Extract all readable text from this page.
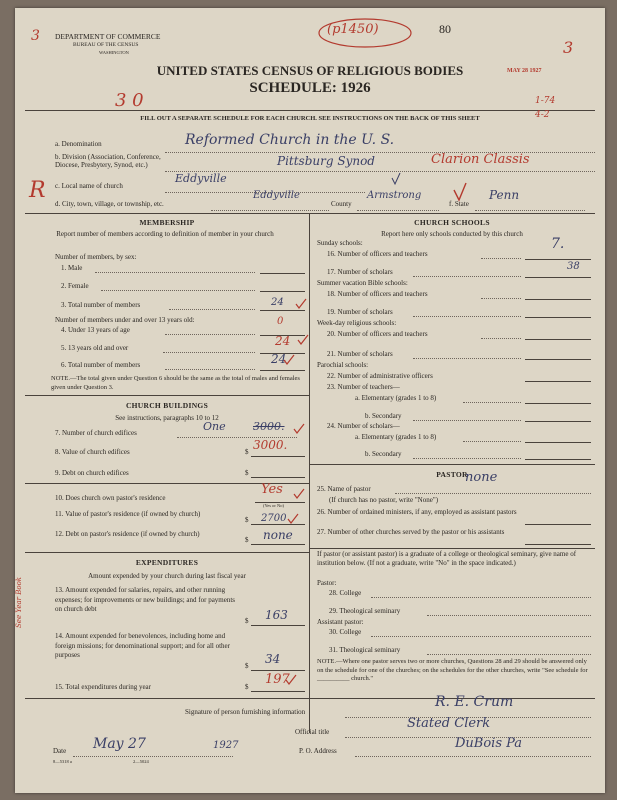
DEPARTMENT OF COMMERCE
BUREAU OF THE CENSUS
WASHINGTON
UNITED STATES CENSUS OF RELIGIOUS BODIES
SCHEDULE: 1926
80
MAY 28 1927
FILL OUT A SEPARATE SCHEDULE FOR EACH CHURCH. SEE INSTRUCTIONS ON THE BACK OF THIS SHEET
3
3
(p1450)
3 0	1-74
4-2
R
See Year Book
a. Denomination	Reformed Church in the U. S.
b. Division (Association, Conference, Diocese, Presbytery, Synod, etc.)	Pittsburg Synod	Clarion Classis
c. Local name of church
Eddyville
d. City, town, village, or township, etc.
Eddyville
County
Armstrong
f. State
Penn
MEMBERSHIP
Report number of members according to definition of member in your church
Number of members, by sex:
1. Male
2. Female
3. Total number of members	24
Number of members under and over 13 years old:
4. Under 13 years of age
0
5. 13 years old and over	24
6. Total number of members	24
NOTE.—The total given under Question 6 should be the same as the total of males and females given under Question 3.
CHURCH BUILDINGS
See instructions, paragraphs 10 to 12
7. Number of church edifices	One 3000.
8. Value of church edifices	$ 3000.
9. Debt on church edifices	$
10. Does church own pastor's residence
Yes
(Yes or No)
11. Value of pastor's residence (if owned by church)
$ 2700
12. Debt on pastor's residence (if owned by church)
$ none
EXPENDITURES
Amount expended by your church during last fiscal year
13. Amount expended for salaries, repairs, and other running expenses; for improvements or new buildings; and for payments on church debt
$ 163
14. Amount expended for benevolences, including home and foreign missions; for denominational support; and for all other purposes
$ 34
15. Total expenditures during year	$ 197
CHURCH SCHOOLS
Report here only schools conducted by this church
Sunday schools:
16. Number of officers and teachers
7.
17. Number of scholars	38
Summer vacation Bible schools:
18. Number of officers and teachers
19. Number of scholars
Week-day religious schools:
20. Number of officers and teachers
21. Number of scholars
Parochial schools:
22. Number of administrative officers
23. Number of teachers—
a. Elementary (grades 1 to 8)
b. Secondary
24. Number of scholars—
a. Elementary (grades 1 to 8)
b. Secondary
PASTOR
25. Name of pastor
none
(If church has no pastor, write "None")
26. Number of ordained ministers, if any, employed as assistant pastors
27. Number of other churches served by the pastor or his assistants
If pastor (or assistant pastor) is a graduate of a college or theological seminary, give name of institution below. (If not a graduate, write "No" in the space indicated.)
Pastor:
28. College
29. Theological seminary
Assistant pastor:
30. College
31. Theological seminary
NOTE.—Where one pastor serves two or more churches, Questions 28 and 29 should be answered only on the schedule for one of the churches; on the schedules for the other churches, write "See schedule for __________ church."
Signature of person furnishing information
R. E. Crum
Official title
Stated Clerk
Date May 27	1927	P. O. Address	DuBois Pa
8—5318 a	2—5024
